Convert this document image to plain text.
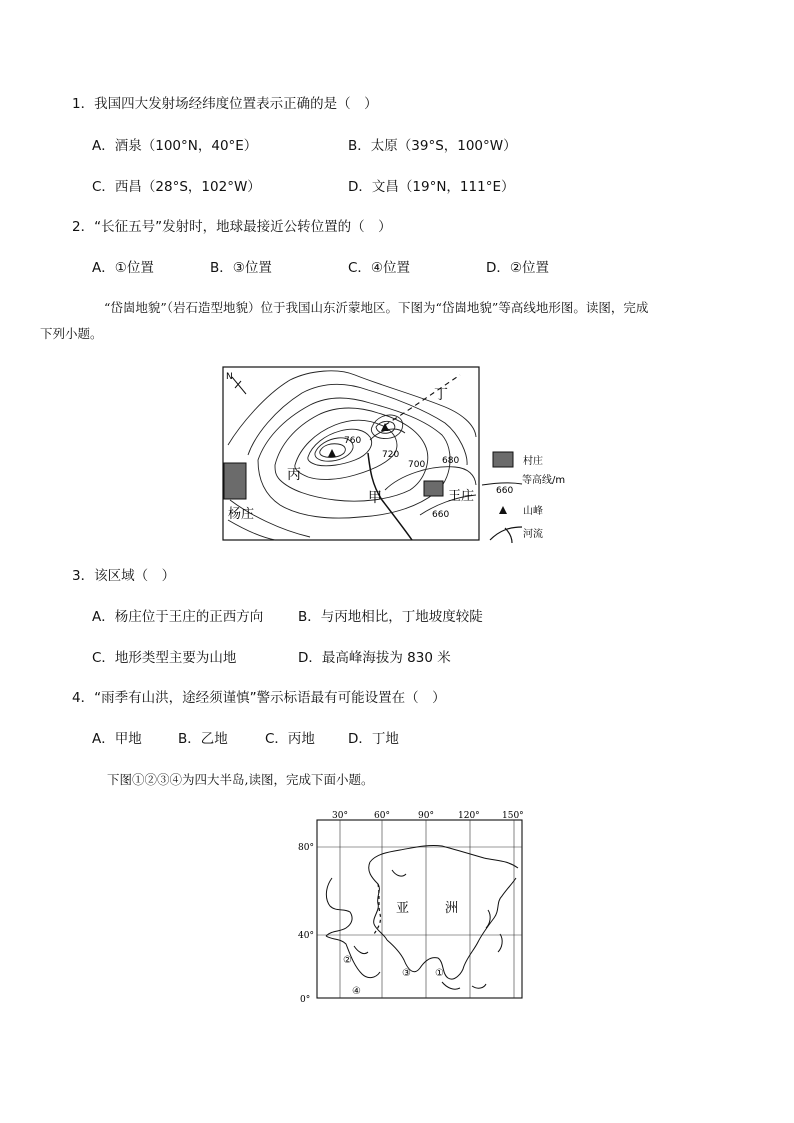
1．我国四大发射场经纬度位置表示正确的是（　）
A．酒泉（100°N，40°E）	B．太原（39°S，100°W）
C．西昌（28°S，102°W）	D．文昌（19°N，111°E）
2．“长征五号”发射时，地球最接近公转位置的（　）
A．①位置	B．③位置	C．④位置	D．②位置
“岱崮地貌”（岩石造型地貌）位于我国山东沂蒙地区。下图为“岱崮地貌”等高线地形图。读图，完成
下列小题。
N
760
720
700 680
660
丁
丙
甲	王庄
杨庄
村庄
660
等高线/m
山峰
河流
3．该区域（　）
A．杨庄位于王庄的正西方向	B．与丙地相比，丁地坡度较陡
C．地形类型主要为山地	D．最高峰海拔为 830 米
4．“雨季有山洪，途经须谨慎”警示标语最有可能设置在（　）
A．甲地	B．乙地	C．丙地 D．丁地
下图①②③④为四大半岛,读图，完成下面小题。
30°	60°	90°	120° 150°
80°
40°
0°
亚	洲
②
③ ①
④
